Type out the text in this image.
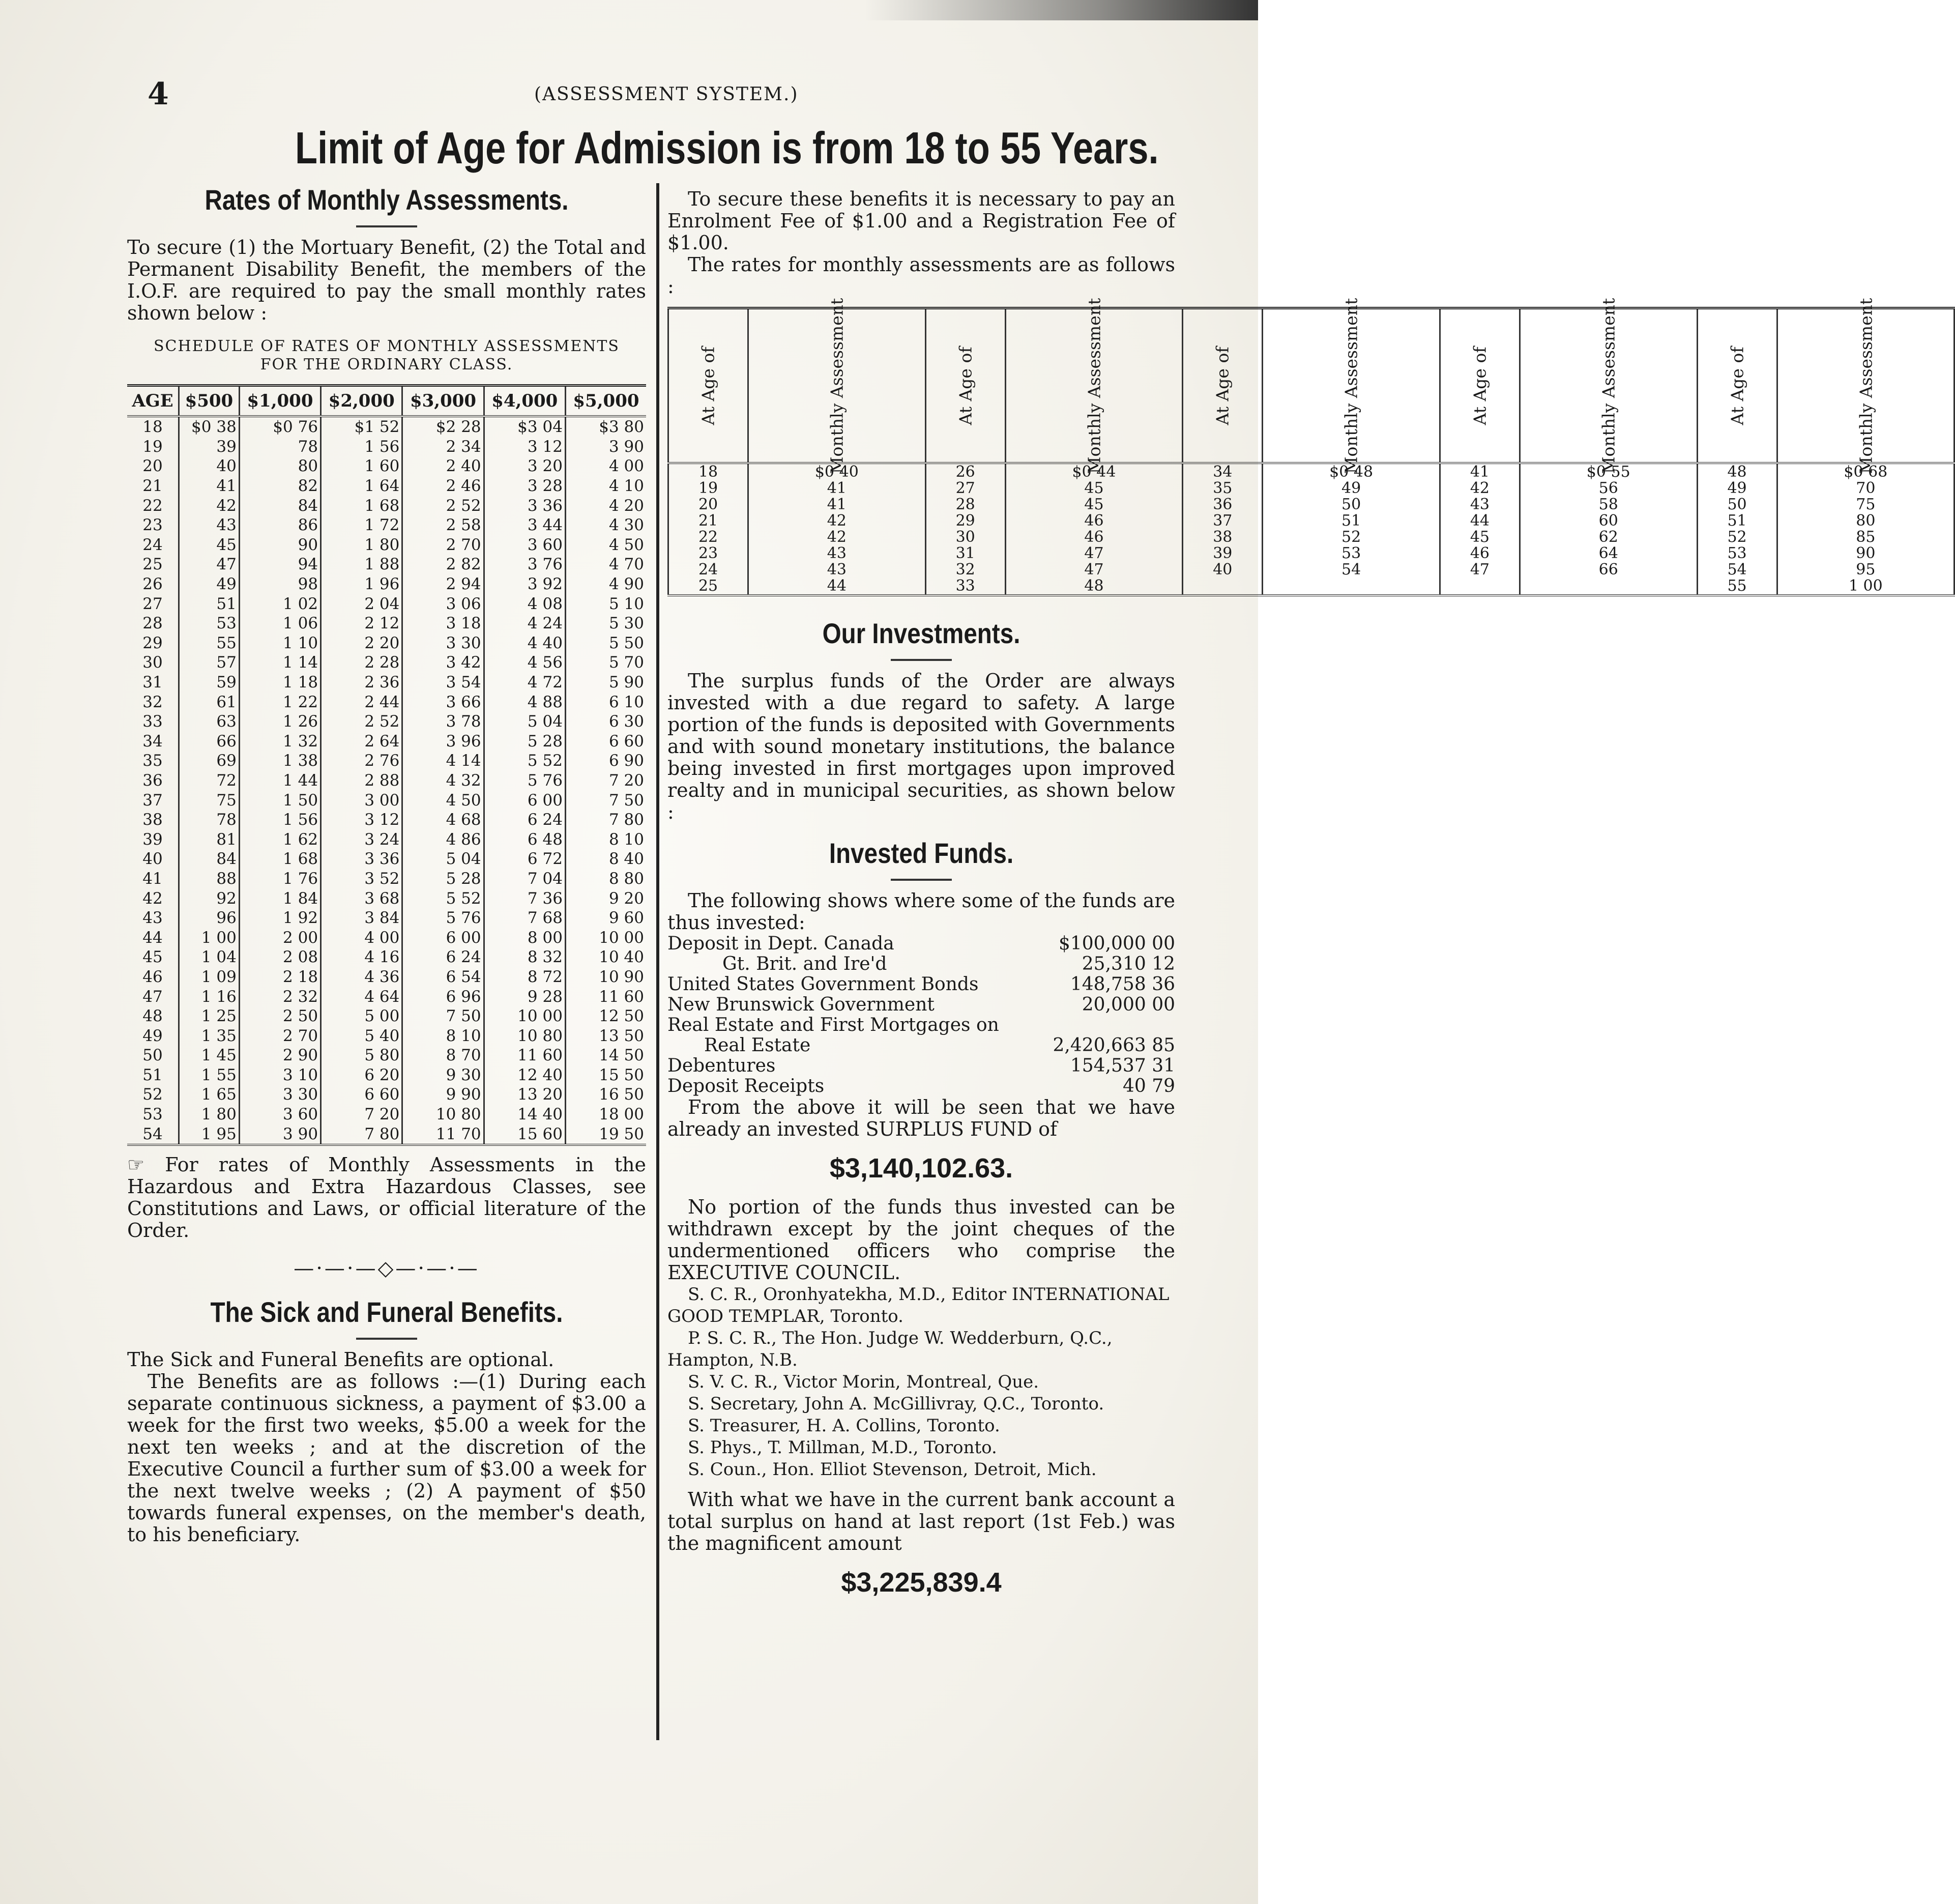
4	(ASSESSMENT SYSTEM.)
Limit of Age for Admission is from 18 to 55 Years.
Rates of Monthly Assessments.

To secure (1) the Mortuary Benefit, (2) the Total and Permanent Disability Benefit, the members of the I.O.F. are required to pay the small monthly rates shown below :

SCHEDULE OF RATES OF MONTHLY ASSESSMENTS
FOR THE ORDINARY CLASS.
AGE	$500	$1,000	$2,000	$3,000	$4,000	$5,000
18	$0 38	$0 76	$1 52	$2 28	$3 04	$3 80
19	39	78	1 56	2 34	3 12	3 90
20	40	80	1 60	2 40	3 20	4 00
21	41	82	1 64	2 46	3 28	4 10
22	42	84	1 68	2 52	3 36	4 20
23	43	86	1 72	2 58	3 44	4 30
24	45	90	1 80	2 70	3 60	4 50
25	47	94	1 88	2 82	3 76	4 70
26	49	98	1 96	2 94	3 92	4 90
27	51	1 02	2 04	3 06	4 08	5 10
28	53	1 06	2 12	3 18	4 24	5 30
29	55	1 10	2 20	3 30	4 40	5 50
30	57	1 14	2 28	3 42	4 56	5 70
31	59	1 18	2 36	3 54	4 72	5 90
32	61	1 22	2 44	3 66	4 88	6 10
33	63	1 26	2 52	3 78	5 04	6 30
34	66	1 32	2 64	3 96	5 28	6 60
35	69	1 38	2 76	4 14	5 52	6 90
36	72	1 44	2 88	4 32	5 76	7 20
37	75	1 50	3 00	4 50	6 00	7 50
38	78	1 56	3 12	4 68	6 24	7 80
39	81	1 62	3 24	4 86	6 48	8 10
40	84	1 68	3 36	5 04	6 72	8 40
41	88	1 76	3 52	5 28	7 04	8 80
42	92	1 84	3 68	5 52	7 36	9 20
43	96	1 92	3 84	5 76	7 68	9 60
44	1 00	2 00	4 00	6 00	8 00	10 00
45	1 04	2 08	4 16	6 24	8 32	10 40
46	1 09	2 18	4 36	6 54	8 72	10 90
47	1 16	2 32	4 64	6 96	9 28	11 60
48	1 25	2 50	5 00	7 50	10 00	12 50
49	1 35	2 70	5 40	8 10	10 80	13 50
50	1 45	2 90	5 80	8 70	11 60	14 50
51	1 55	3 10	6 20	9 30	12 40	15 50
52	1 65	3 30	6 60	9 90	13 20	16 50
53	1 80	3 60	7 20	10 80	14 40	18 00
54	1 95	3 90	7 80	11 70	15 60	19 50

☞ For rates of Monthly Assessments in the Hazardous and Extra Hazardous Classes, see Constitutions and Laws, or official literature of the Order.

—·—·—◇—·—·—
The Sick and Funeral Benefits.

The Sick and Funeral Benefits are optional.

The Benefits are as follows :—(1) During each separate continuous sickness, a payment of $3.00 a week for the first two weeks, $5.00 a week for the next ten weeks ; and at the discretion of the Executive Council a further sum of $3.00 a week for the next twelve weeks ; (2) A payment of $50 towards funeral expenses, on the member's death, to his beneficiary.

To secure these benefits it is necessary to pay an Enrolment Fee of $1.00 and a Registration Fee of $1.00.

The rates for monthly assessments are as follows :

At Age of	Monthly Assessment	At Age of	Monthly Assessment	At Age of	Monthly Assessment	At Age of	Monthly Assessment	At Age of	Monthly Assessment
18	$0 40	26	$0 44	34	$0 48	41	$0 55	48	$0 68
19	41	27	45	35	49	42	56	49	70
20	41	28	45	36	50	43	58	50	75
21	42	29	46	37	51	44	60	51	80
22	42	30	46	38	52	45	62	52	85
23	43	31	47	39	53	46	64	53	90
24	43	32	47	40	54	47	66	54	95
25	44	33	48					55	1 00
Our Investments.

The surplus funds of the Order are always invested with a due regard to safety. A large portion of the funds is deposited with Governments and with sound monetary institutions, the balance being invested in first mortgages upon improved realty and in municipal securities, as shown below :

Invested Funds.

The following shows where some of the funds are thus invested:

Deposit in Dept. Canada	$100,000 00
   Gt. Brit. and Ire'd	25,310 12
United States Government Bonds	148,758 36
New Brunswick Government	20,000 00
Real Estate and First Mortgages on
  Real Estate	2,420,663 85
Debentures	154,537 31
Deposit Receipts	40 79

From the above it will be seen that we have already an invested SURPLUS FUND of

$3,140,102.63.

No portion of the funds thus invested can be withdrawn except by the joint cheques of the undermentioned officers who comprise the EXECUTIVE COUNCIL.

S. C. R., Oronhyatekha, M.D., Editor INTERNATIONAL GOOD TEMPLAR, Toronto.
P. S. C. R., The Hon. Judge W. Wedderburn, Q.C., Hampton, N.B.
S. V. C. R., Victor Morin, Montreal, Que.
S. Secretary, John A. McGillivray, Q.C., Toronto.
S. Treasurer, H. A. Collins, Toronto.
S. Phys., T. Millman, M.D., Toronto.
S. Coun., Hon. Elliot Stevenson, Detroit, Mich.

With what we have in the current bank account a total surplus on hand at last report (1st Feb.) was the magnificent amount

$3,225,839.4
